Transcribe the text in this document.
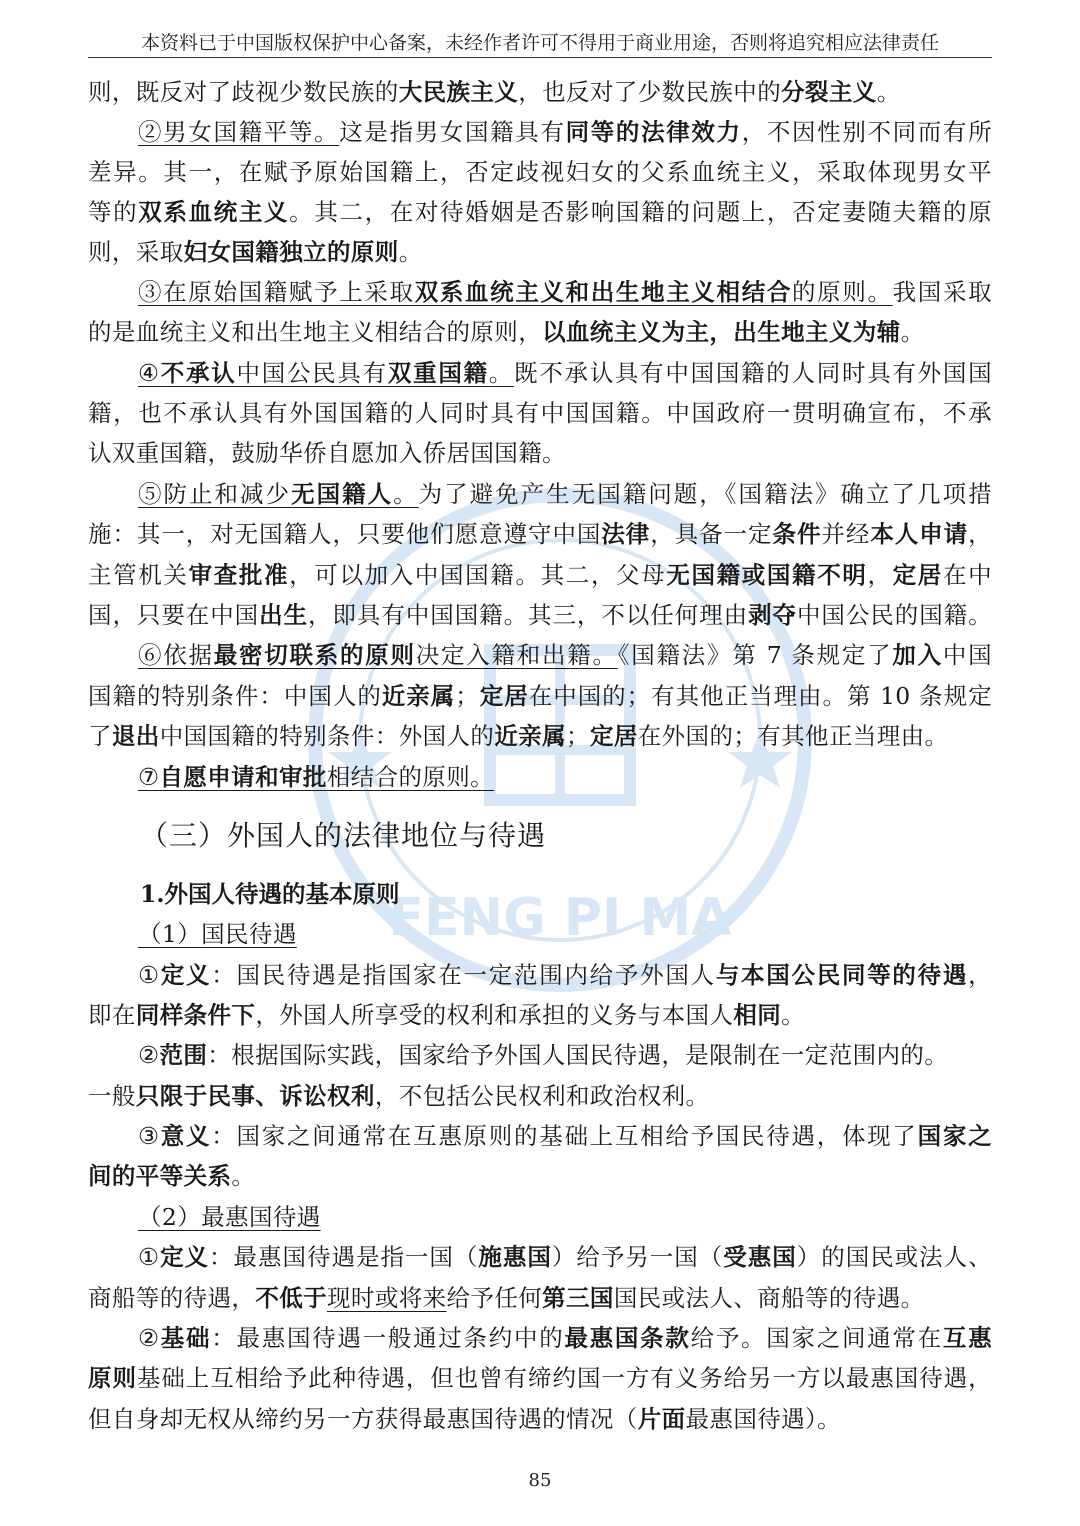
本资料已于中国版权保护中心备案，未经作者许可不得用于商业用途，否则将追究相应法律责任
FENG PI MA
则，既反对了歧视少数民族的大民族主义，也反对了少数民族中的分裂主义。
②男女国籍平等。这是指男女国籍具有同等的法律效力，不因性别不同而有所
差异。其一，在赋予原始国籍上，否定歧视妇女的父系血统主义，采取体现男女平
等的双系血统主义。其二，在对待婚姻是否影响国籍的问题上，否定妻随夫籍的原
则，采取妇女国籍独立的原则。
③在原始国籍赋予上采取双系血统主义和出生地主义相结合的原则。我国采取
的是血统主义和出生地主义相结合的原则，以血统主义为主，出生地主义为辅。
④不承认中国公民具有双重国籍。既不承认具有中国国籍的人同时具有外国国
籍，也不承认具有外国国籍的人同时具有中国国籍。中国政府一贯明确宣布，不承
认双重国籍，鼓励华侨自愿加入侨居国国籍。
⑤防止和减少无国籍人。为了避免产生无国籍问题，《国籍法》确立了几项措
施：其一，对无国籍人，只要他们愿意遵守中国法律，具备一定条件并经本人申请，
主管机关审查批准，可以加入中国国籍。其二，父母无国籍或国籍不明，定居在中
国，只要在中国出生，即具有中国国籍。其三，不以任何理由剥夺中国公民的国籍。
⑥依据最密切联系的原则决定入籍和出籍。《国籍法》第 7 条规定了加入中国
国籍的特别条件：中国人的近亲属；定居在中国的；有其他正当理由。第 10 条规定
了退出中国国籍的特别条件：外国人的近亲属；定居在外国的；有其他正当理由。
⑦自愿申请和审批相结合的原则。
（三）外国人的法律地位与待遇
1.外国人待遇的基本原则
（1）国民待遇
①定义：国民待遇是指国家在一定范围内给予外国人与本国公民同等的待遇，
即在同样条件下，外国人所享受的权利和承担的义务与本国人相同。
②范围：根据国际实践，国家给予外国人国民待遇，是限制在一定范围内的。
一般只限于民事、诉讼权利，不包括公民权利和政治权利。
③意义：国家之间通常在互惠原则的基础上互相给予国民待遇，体现了国家之
间的平等关系。
（2）最惠国待遇
①定义：最惠国待遇是指一国（施惠国）给予另一国（受惠国）的国民或法人、
商船等的待遇，不低于现时或将来给予任何第三国国民或法人、商船等的待遇。
②基础：最惠国待遇一般通过条约中的最惠国条款给予。国家之间通常在互惠
原则基础上互相给予此种待遇，但也曾有缔约国一方有义务给另一方以最惠国待遇，
但自身却无权从缔约另一方获得最惠国待遇的情况（片面最惠国待遇）。
85
